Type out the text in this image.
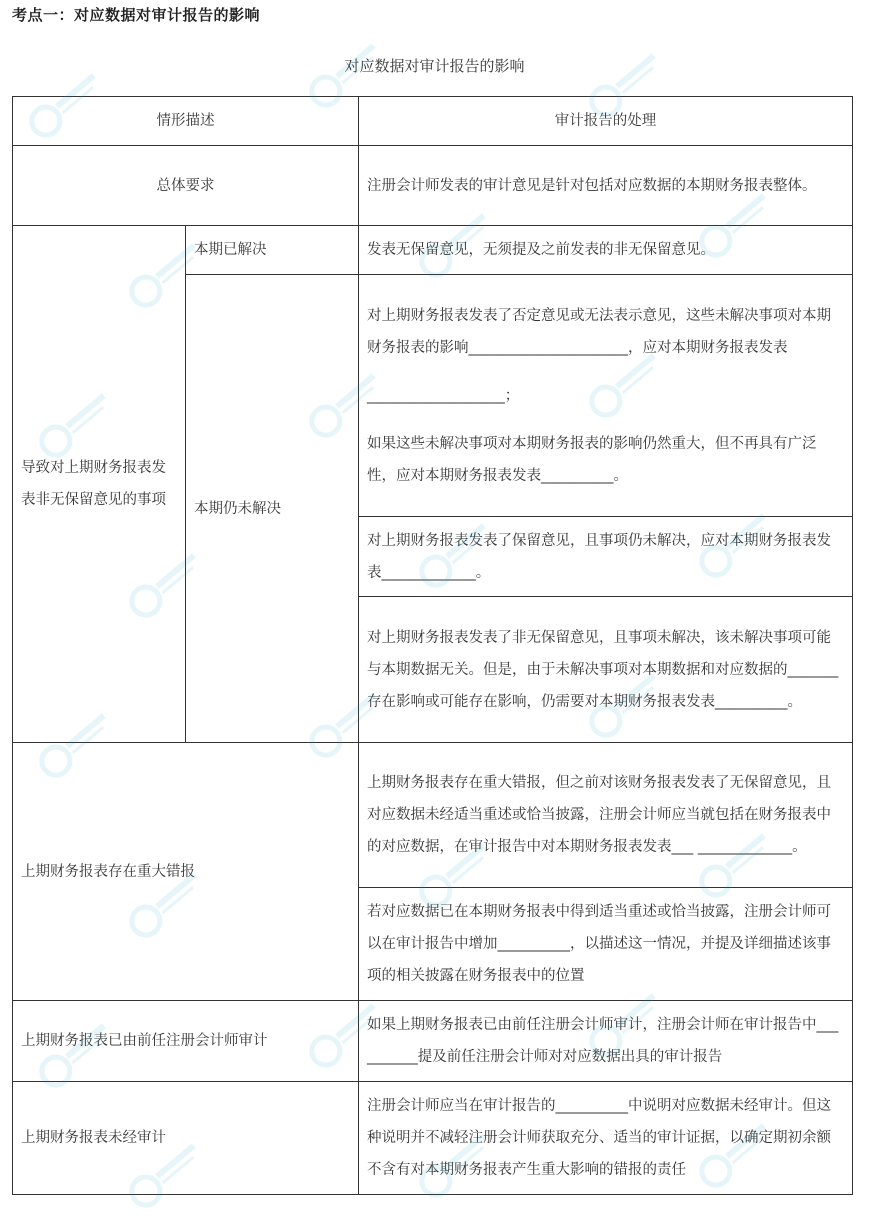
考点一：对应数据对审计报告的影响
对应数据对审计报告的影响
情形描述		审计报告的处理
总体要求		注册会计师发表的审计意见是针对包括对应数据的本期财务报表整体。
导致对上期财务报表发表非无保留意见的事项	本期已解决	发表无保留意见，无须提及之前发表的非无保留意见。
	本期仍未解决	对上期财务报表发表了否定意见或无法表示意见，这些未解决事项对本期财务报表的影响______________________，应对本期财务报表发表
___________________；
如果这些未解决事项对本期财务报表的影响仍然重大，但不再具有广泛性，应对本期财务报表发表__________。

		对上期财务报表发表了保留意见，且事项仍未解决，应对本期财务报表发表_____________。
		对上期财务报表发表了非无保留意见，且事项未解决，该未解决事项可能与本期数据无关。但是，由于未解决事项对本期数据和对应数据的_______存在影响或可能存在影响，仍需要对本期财务报表发表__________。
上期财务报表存在重大错报		上期财务报表存在重大错报，但之前对该财务报表发表了无保留意见，且对应数据未经适当重述或恰当披露，注册会计师应当就包括在财务报表中的对应数据，在审计报告中对本期财务报表发表___ _____________。
		若对应数据已在本期财务报表中得到适当重述或恰当披露，注册会计师可以在审计报告中增加__________，以描述这一情况，并提及详细描述该事项的相关披露在财务报表中的位置
上期财务报表已由前任注册会计师审计		如果上期财务报表已由前任注册会计师审计，注册会计师在审计报告中__________提及前任注册会计师对对应数据出具的审计报告
上期财务报表未经审计		注册会计师应当在审计报告的__________中说明对应数据未经审计。但这种说明并不减轻注册会计师获取充分、适当的审计证据，以确定期初余额不含有对本期财务报表产生重大影响的错报的责任
